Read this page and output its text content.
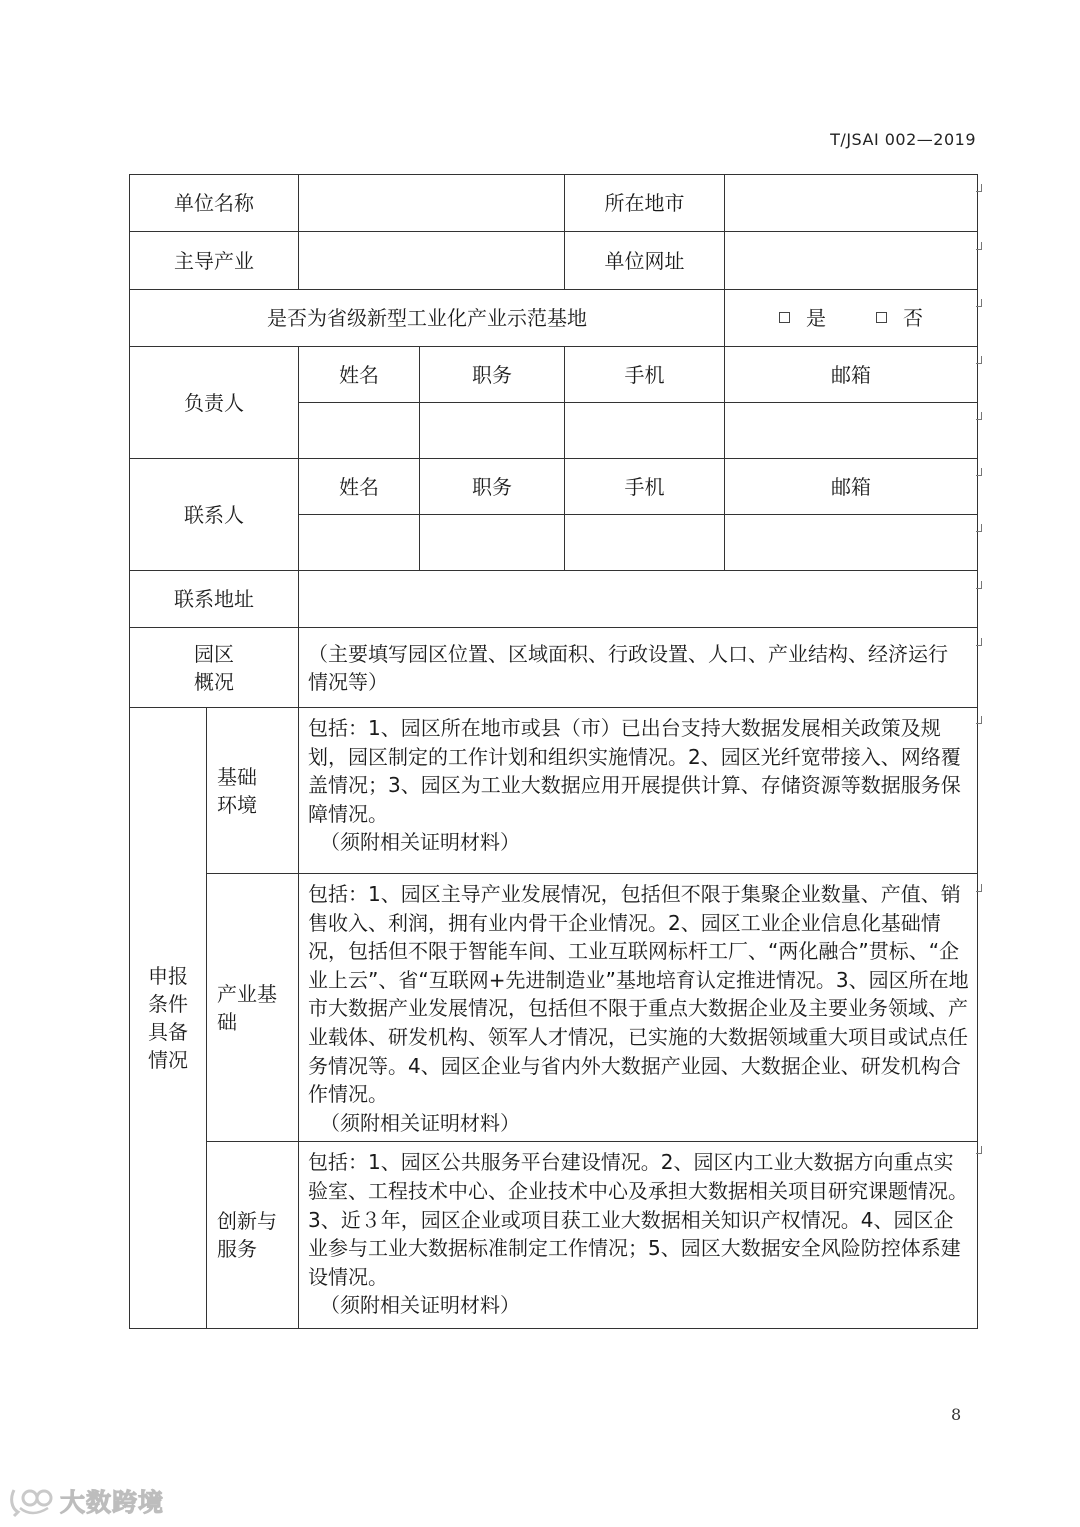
T/JSAI 002—2019
单位名称				所在地市	
主导产业				单位网址	
是否为省级新型工业化产业示范基地					是 否
负责人		姓名	职务	手机	邮箱

联系人		姓名	职务	手机	邮箱

联系地址					
园区
概况		（主要填写园区位置、区域面积、行政设置、人口、产业结构、经济运行情况等）			
申报
条件
具备
情况	基础
环境	包括：1、园区所在地市或县（市）已出台支持大数据发展相关政策及规划，园区制定的工作计划和组织实施情况。2、园区光纤宽带接入、网络覆盖情况；3、园区为工业大数据应用开展提供计算、存储资源等数据服务保障情况。
（须附相关证明材料）			

	产业基
础	包括：1、园区主导产业发展情况，包括但不限于集聚企业数量、产值、销售收入、利润，拥有业内骨干企业情况。2、园区工业企业信息化基础情况，包括但不限于智能车间、工业互联网标杆工厂、“两化融合”贯标、“企业上云”、省“互联网+先进制造业”基地培育认定推进情况。3、园区所在地市大数据产业发展情况，包括但不限于重点大数据企业及主要业务领域、产业载体、研发机构、领军人才情况，已实施的大数据领域重大项目或试点任务情况等。4、园区企业与省内外大数据产业园、大数据企业、研发机构合作情况。
（须附相关证明材料）			

	创新与
服务	包括：1、园区公共服务平台建设情况。2、园区内工业大数据方向重点实验室、工程技术中心、企业技术中心及承担大数据相关项目研究课题情况。3、近３年，园区企业或项目获工业大数据相关知识产权情况。4、园区企业参与工业大数据标准制定工作情况；5、园区大数据安全风险防控体系建设情况。
（须附相关证明材料）			
8
大数跨境
